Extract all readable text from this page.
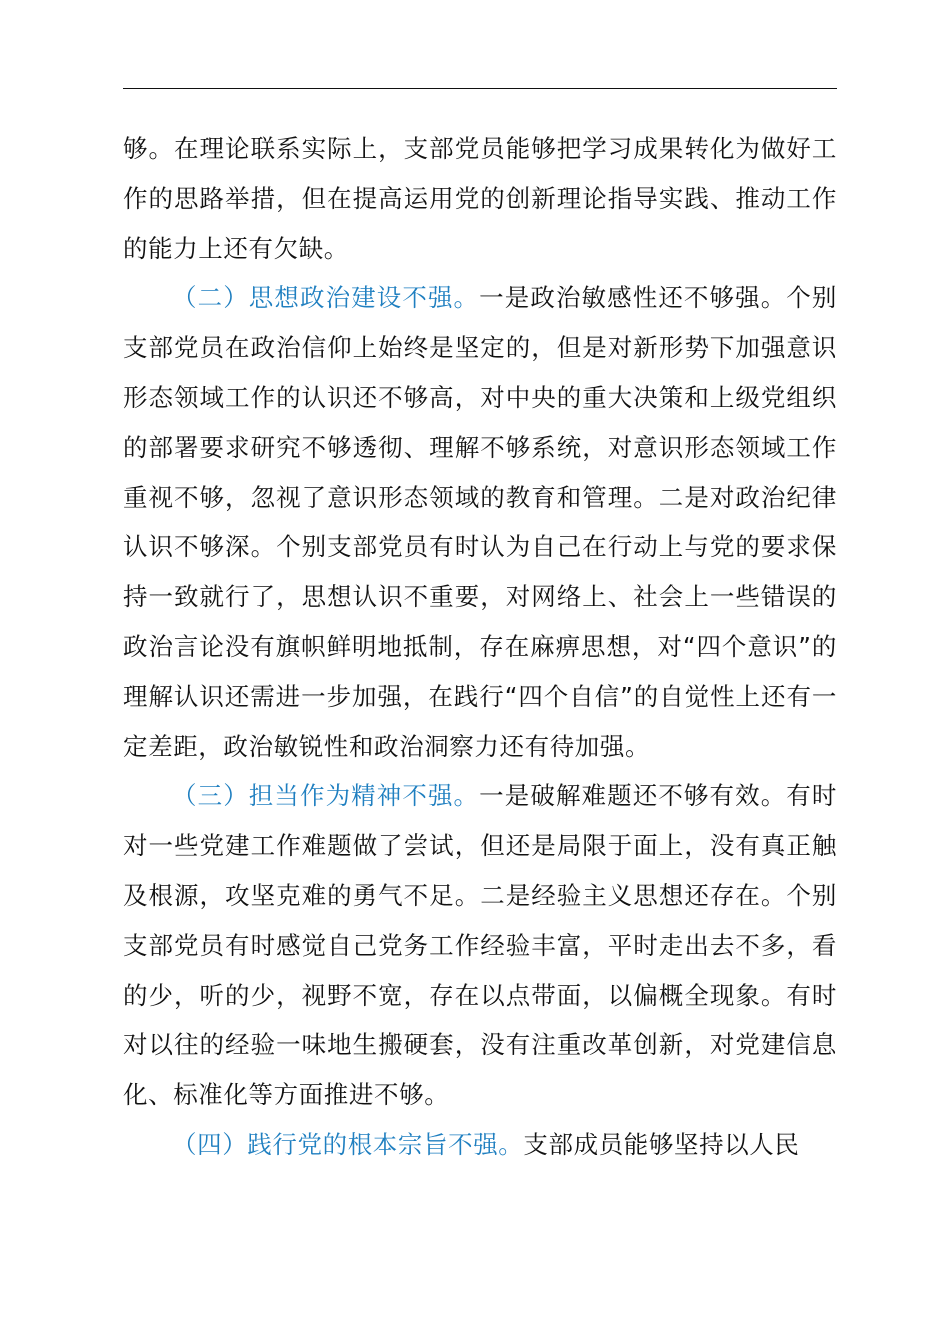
够。在理论联系实际上，支部党员能够把学习成果转化为做好工作的思路举措，但在提高运用党的创新理论指导实践、推动工作的能力上还有欠缺。

（二）思想政治建设不强。一是政治敏感性还不够强。个别支部党员在政治信仰上始终是坚定的，但是对新形势下加强意识形态领域工作的认识还不够高，对中央的重大决策和上级党组织的部署要求研究不够透彻、理解不够系统，对意识形态领域工作重视不够，忽视了意识形态领域的教育和管理。二是对政治纪律认识不够深。个别支部党员有时认为自己在行动上与党的要求保持一致就行了，思想认识不重要，对网络上、社会上一些错误的政治言论没有旗帜鲜明地抵制，存在麻痹思想，对“四个意识”的理解认识还需进一步加强，在践行“四个自信”的自觉性上还有一定差距，政治敏锐性和政治洞察力还有待加强。

（三）担当作为精神不强。一是破解难题还不够有效。有时对一些党建工作难题做了尝试，但还是局限于面上，没有真正触及根源，攻坚克难的勇气不足。二是经验主义思想还存在。个别支部党员有时感觉自己党务工作经验丰富，平时走出去不多，看的少，听的少，视野不宽，存在以点带面，以偏概全现象。有时对以往的经验一味地生搬硬套，没有注重改革创新，对党建信息化、标准化等方面推进不够。

（四）践行党的根本宗旨不强。支部成员能够坚持以人民
